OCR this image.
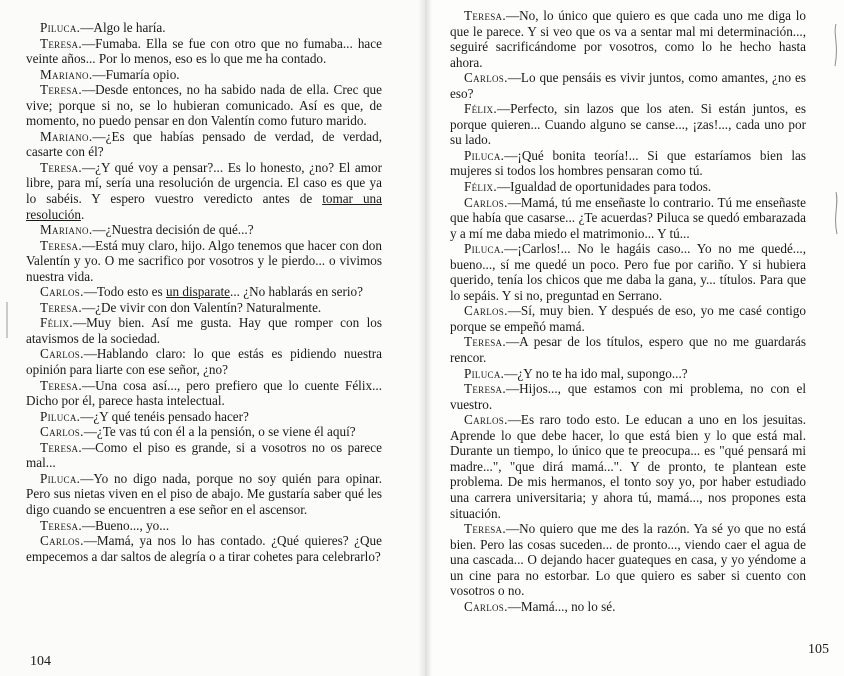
Piluca.—Algo le haría.

Teresa.—Fumaba. Ella se fue con otro que no fumaba... hace veinte años... Por lo menos, eso es lo que me ha contado.

Mariano.—Fumaría opio.

Teresa.—Desde entonces, no ha sabido nada de ella. Crec que vive; porque si no, se lo hubieran comunicado. Así es que, de momento, no puedo pensar en don Valentín como futuro marido.

Mariano.—¿Es que habías pensado de verdad, de verdad, casarte con él?

Teresa.—¿Y qué voy a pensar?... Es lo honesto, ¿no? El amor libre, para mí, sería una resolución de urgencia. El caso es que ya lo sabéis. Y espero vuestro veredicto antes de tomar una resolución.

Mariano.—¿Nuestra decisión de qué...?

Teresa.—Está muy claro, hijo. Algo tenemos que hacer con don Valentín y yo. O me sacrifico por vosotros y le pierdo... o vivimos nuestra vida.

Carlos.—Todo esto es un disparate... ¿No hablarás en serio?

Teresa.—¿De vivir con don Valentín? Naturalmente.

Félix.—Muy bien. Así me gusta. Hay que romper con los atavismos de la sociedad.

Carlos.—Hablando claro: lo que estás es pidiendo nuestra opinión para liarte con ese señor, ¿no?

Teresa.—Una cosa así..., pero prefiero que lo cuente Félix... Dicho por él, parece hasta intelectual.

Piluca.—¿Y qué tenéis pensado hacer?

Carlos.—¿Te vas tú con él a la pensión, o se viene él aquí?

Teresa.—Como el piso es grande, si a vosotros no os parece mal...

Piluca.—Yo no digo nada, porque no soy quién para opinar. Pero sus nietas viven en el piso de abajo. Me gustaría saber qué les digo cuando se encuentren a ese señor en el ascensor.

Teresa.—Bueno..., yo...

Carlos.—Mamá, ya nos lo has contado. ¿Qué quieres? ¿Que empecemos a dar saltos de alegría o a tirar cohetes para celebrarlo?

104

Teresa.—No, lo único que quiero es que cada uno me diga lo que le parece. Y si veo que os va a sentar mal mi determinación..., seguiré sacrificándome por vosotros, como lo he hecho hasta ahora.

Carlos.—Lo que pensáis es vivir juntos, como amantes, ¿no es eso?

Félix.—Perfecto, sin lazos que los aten. Si están juntos, es porque quieren... Cuando alguno se canse..., ¡zas!..., cada uno por su lado.

Piluca.—¡Qué bonita teoría!... Si que estaríamos bien las mujeres si todos los hombres pensaran como tú.

Félix.—Igualdad de oportunidades para todos.

Carlos.—Mamá, tú me enseñaste lo contrario. Tú me enseñaste que había que casarse... ¿Te acuerdas? Piluca se quedó embarazada y a mí me daba miedo el matrimonio... Y tú...

Piluca.—¡Carlos!... No le hagáis caso... Yo no me quedé..., bueno..., sí me quedé un poco. Pero fue por cariño. Y si hubiera querido, tenía los chicos que me daba la gana, y... títulos. Para que lo sepáis. Y si no, preguntad en Serrano.

Carlos.—Sí, muy bien. Y después de eso, yo me casé contigo porque se empeñó mamá.

Teresa.—A pesar de los títulos, espero que no me guardarás rencor.

Piluca.—¿Y no te ha ido mal, supongo...?

Teresa.—Hijos..., que estamos con mi problema, no con el vuestro.

Carlos.—Es raro todo esto. Le educan a uno en los jesuitas. Aprende lo que debe hacer, lo que está bien y lo que está mal. Durante un tiempo, lo único que te preocupa... es "qué pensará mi madre...", "que dirá mamá...". Y de pronto, te plantean este problema. De mis hermanos, el tonto soy yo, por haber estudiado una carrera universitaria; y ahora tú, mamá..., nos propones esta situación.

Teresa.—No quiero que me des la razón. Ya sé yo que no está bien. Pero las cosas suceden... de pronto..., viendo caer el agua de una cascada... O dejando hacer guateques en casa, y yo yéndome a un cine para no estorbar. Lo que quiero es saber si cuento con vosotros o no.

Carlos.—Mamá..., no lo sé.

105
